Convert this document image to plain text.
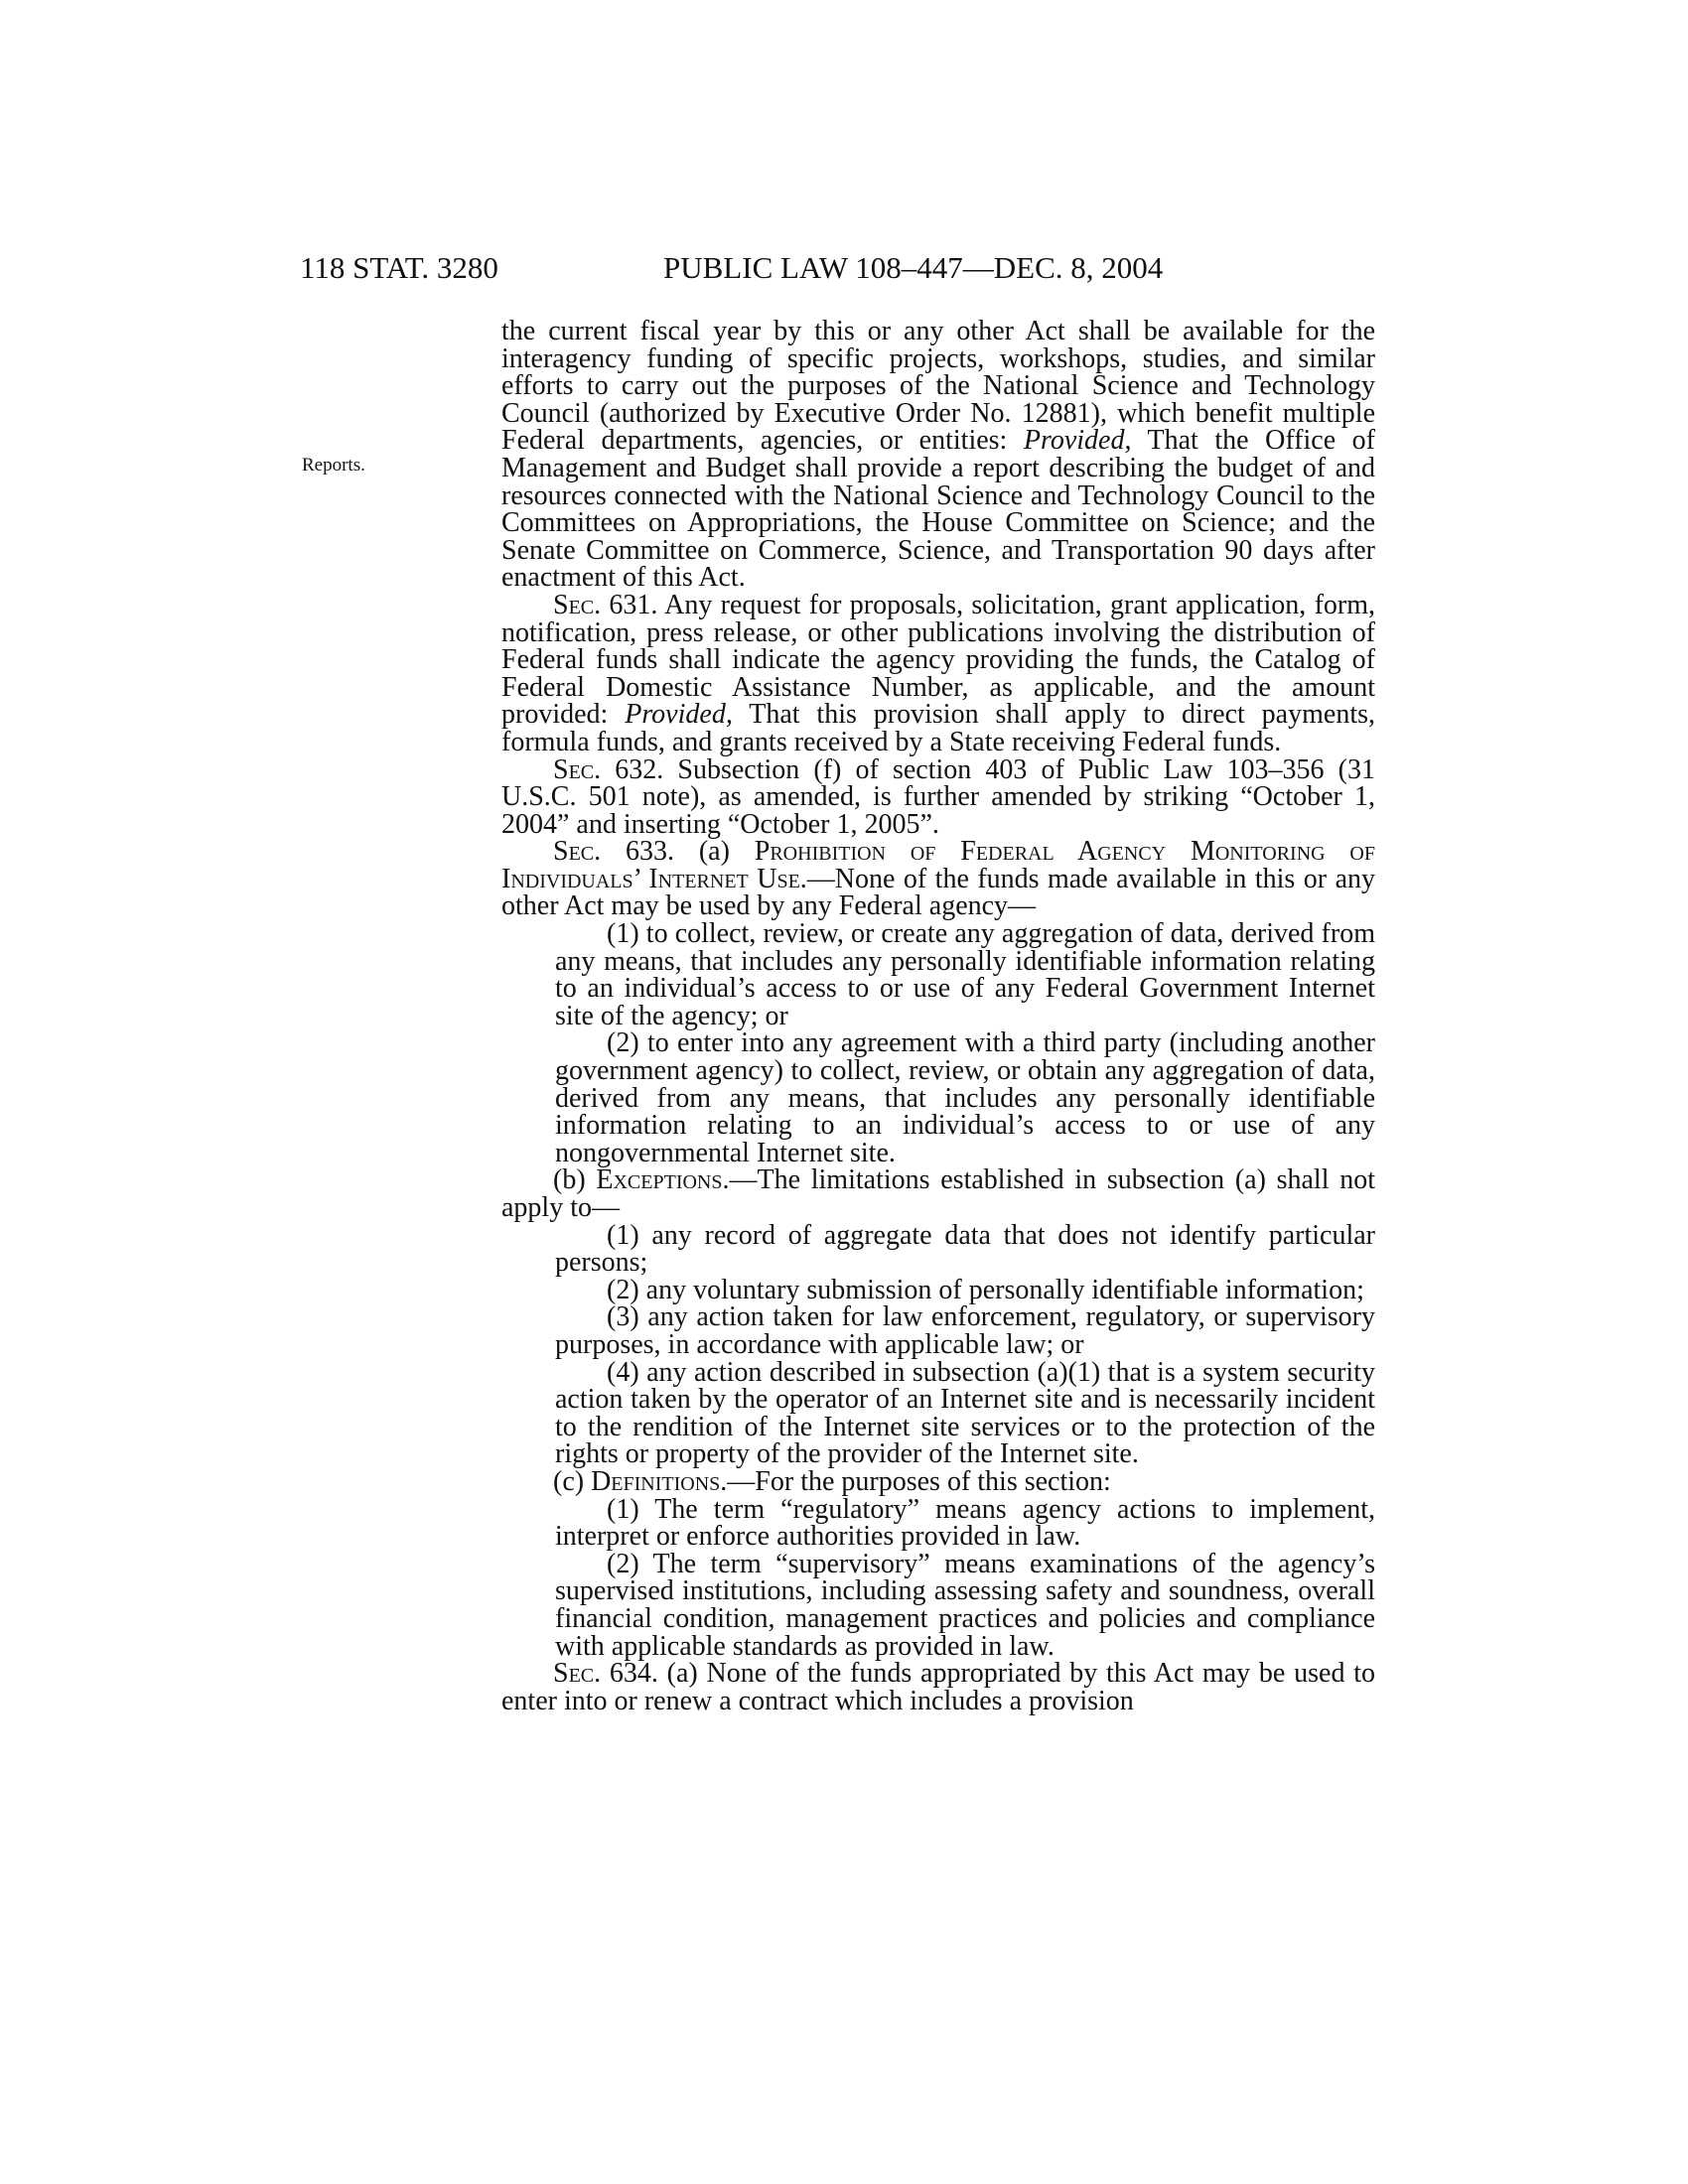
118 STAT. 3280	PUBLIC LAW 108–447—DEC. 8, 2004
Reports.

the current fiscal year by this or any other Act shall be available for the interagency funding of specific projects, workshops, studies, and similar efforts to carry out the purposes of the National Science and Technology Council (authorized by Executive Order No. 12881), which benefit multiple Federal departments, agencies, or entities: Provided, That the Office of Management and Budget shall provide a report describing the budget of and resources connected with the National Science and Technology Council to the Committees on Appropriations, the House Committee on Science; and the Senate Committee on Commerce, Science, and Transportation 90 days after enactment of this Act.

Sec. 631. Any request for proposals, solicitation, grant application, form, notification, press release, or other publications involving the distribution of Federal funds shall indicate the agency providing the funds, the Catalog of Federal Domestic Assistance Number, as applicable, and the amount provided: Provided, That this provision shall apply to direct payments, formula funds, and grants received by a State receiving Federal funds.

Sec. 632. Subsection (f) of section 403 of Public Law 103–356 (31 U.S.C. 501 note), as amended, is further amended by striking “October 1, 2004” and inserting “October 1, 2005”.

Sec. 633. (a) Prohibition of Federal Agency Monitoring of Individuals’ Internet Use.—None of the funds made available in this or any other Act may be used by any Federal agency—

(1) to collect, review, or create any aggregation of data, derived from any means, that includes any personally identifiable information relating to an individual’s access to or use of any Federal Government Internet site of the agency; or

(2) to enter into any agreement with a third party (including another government agency) to collect, review, or obtain any aggregation of data, derived from any means, that includes any personally identifiable information relating to an individual’s access to or use of any nongovernmental Internet site.

(b) Exceptions.—The limitations established in subsection (a) shall not apply to—

(1) any record of aggregate data that does not identify particular persons;

(2) any voluntary submission of personally identifiable information;

(3) any action taken for law enforcement, regulatory, or supervisory purposes, in accordance with applicable law; or

(4) any action described in subsection (a)(1) that is a system security action taken by the operator of an Internet site and is necessarily incident to the rendition of the Internet site services or to the protection of the rights or property of the provider of the Internet site.

(c) Definitions.—For the purposes of this section:

(1) The term “regulatory” means agency actions to implement, interpret or enforce authorities provided in law.

(2) The term “supervisory” means examinations of the agency’s supervised institutions, including assessing safety and soundness, overall financial condition, management practices and policies and compliance with applicable standards as provided in law.

Sec. 634. (a) None of the funds appropriated by this Act may be used to enter into or renew a contract which includes a provision
